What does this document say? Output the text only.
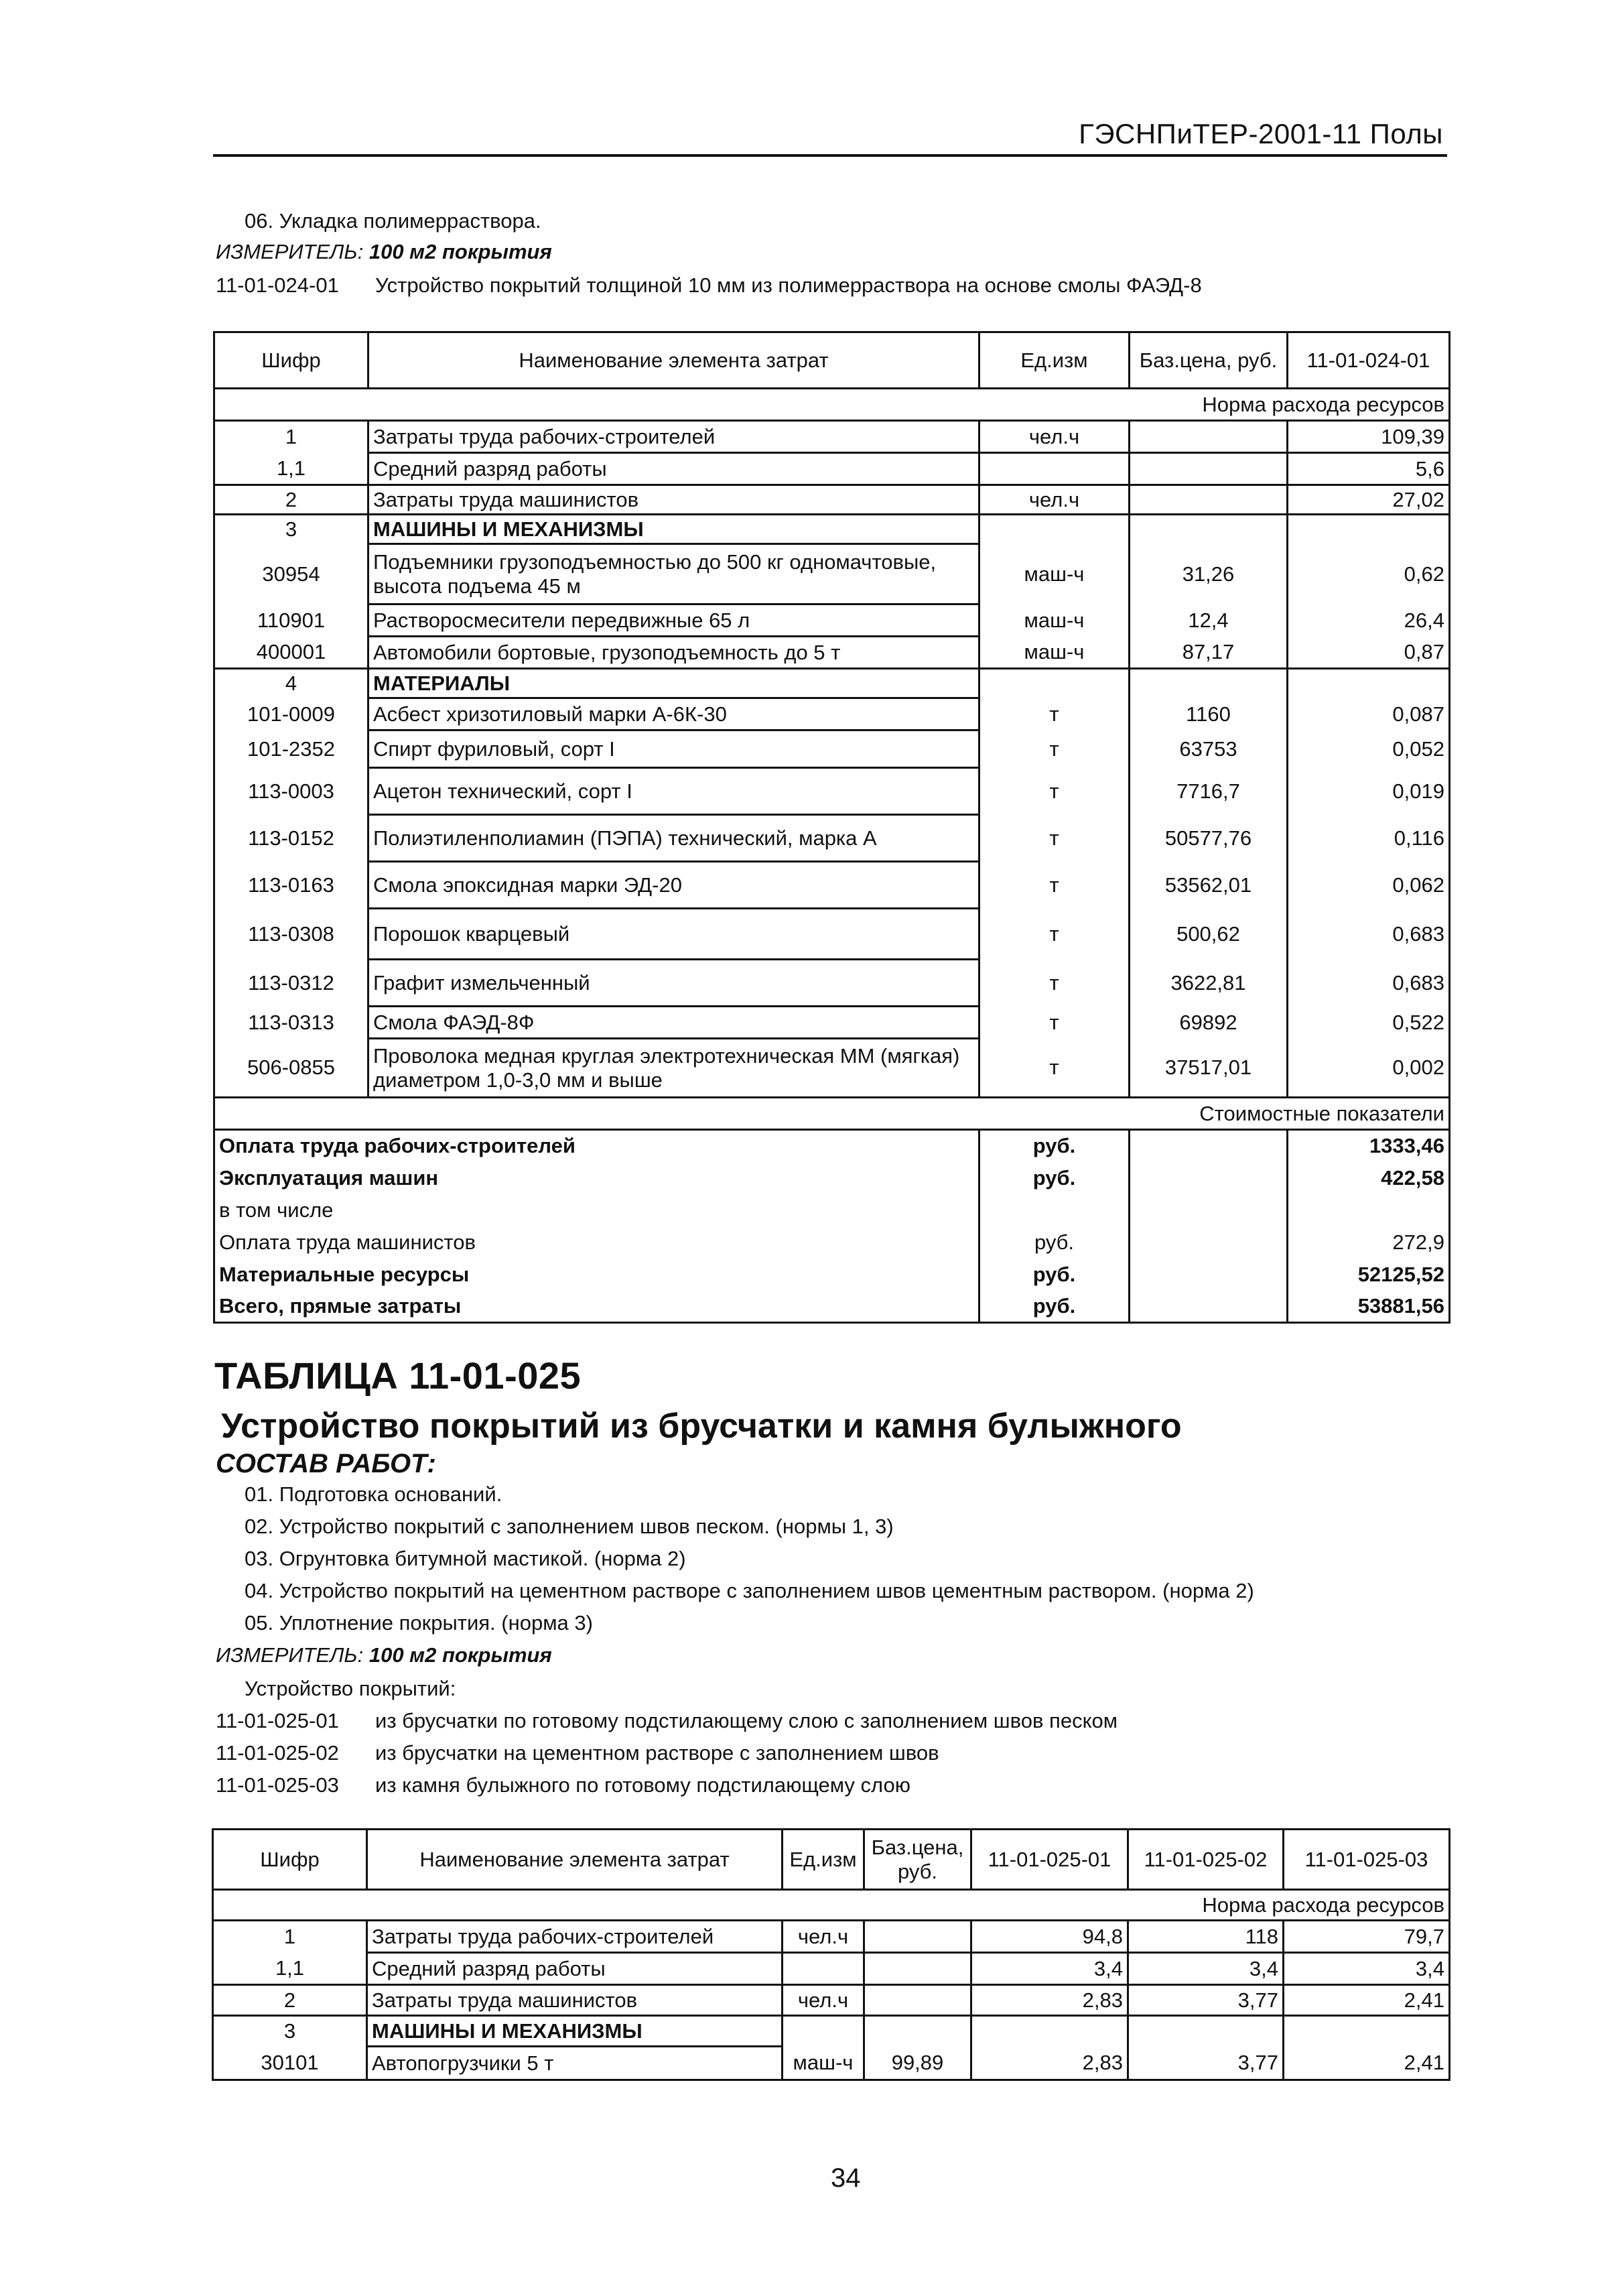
ГЭСНПиТЕР-2001-11 Полы
06. Укладка полимерраствора.
ИЗМЕРИТЕЛЬ: 100 м2 покрытия
11-01-024-01 Устройство покрытий толщиной 10 мм из полимерраствора на основе смолы ФАЭД-8
Шифр	Наименование элемента затрат	Ед.изм	Баз.цена, руб.	11-01-024-01
Норма расхода ресурсов				
1	Затраты труда рабочих-строителей	чел.ч		109,39
1,1	Средний разряд работы			5,6
2	Затраты труда машинистов	чел.ч		27,02
3	МАШИНЫ И МЕХАНИЗМЫ			
30954	Подъемники грузоподъемностью до 500 кг одномачтовые, высота подъема 45 м	маш-ч	31,26	0,62
110901	Растворосмесители передвижные 65 л	маш-ч	12,4	26,4
400001	Автомобили бортовые, грузоподъемность до 5 т	маш-ч	87,17	0,87
4	МАТЕРИАЛЫ			
101-0009	Асбест хризотиловый марки А-6К-30	т	1160	0,087
101-2352	Спирт фуриловый, сорт I	т	63753	0,052
113-0003	Ацетон технический, сорт I	т	7716,7	0,019
113-0152	Полиэтиленполиамин (ПЭПА) технический, марка А	т	50577,76	0,116
113-0163	Смола эпоксидная марки ЭД-20	т	53562,01	0,062
113-0308	Порошок кварцевый	т	500,62	0,683
113-0312	Графит измельченный	т	3622,81	0,683
113-0313	Смола ФАЭД-8Ф	т	69892	0,522
506-0855	Проволока медная круглая электротехническая ММ (мягкая) диаметром 1,0-3,0 мм и выше	т	37517,01	0,002
Стоимостные показатели				
Оплата труда рабочих-строителей		руб.		1333,46
Эксплуатация машин		руб.		422,58
в том числе				
Оплата труда машинистов		руб.		272,9
Материальные ресурсы		руб.		52125,52
Всего, прямые затраты		руб.		53881,56
ТАБЛИЦА 11-01-025
Устройство покрытий из брусчатки и камня булыжного
СОСТАВ РАБОТ:
01. Подготовка оснований.
02. Устройство покрытий с заполнением швов песком. (нормы 1, 3)
03. Огрунтовка битумной мастикой. (норма 2)
04. Устройство покрытий на цементном растворе с заполнением швов цементным раствором. (норма 2)
05. Уплотнение покрытия. (норма 3)
ИЗМЕРИТЕЛЬ: 100 м2 покрытия
Устройство покрытий:
11-01-025-01 из брусчатки по готовому подстилающему слою с заполнением швов песком
11-01-025-02 из брусчатки на цементном растворе с заполнением швов
11-01-025-03 из камня булыжного по готовому подстилающему слою
Шифр	Наименование элемента затрат	Ед.изм	Баз.цена, руб.	11-01-025-01	11-01-025-02	11-01-025-03
Норма расхода ресурсов						
1	Затраты труда рабочих-строителей	чел.ч		94,8	118	79,7
1,1	Средний разряд работы			3,4	3,4	3,4
2	Затраты труда машинистов	чел.ч		2,83	3,77	2,41
3	МАШИНЫ И МЕХАНИЗМЫ					
30101	Автопогрузчики 5 т	маш-ч	99,89	2,83	3,77	2,41
34
